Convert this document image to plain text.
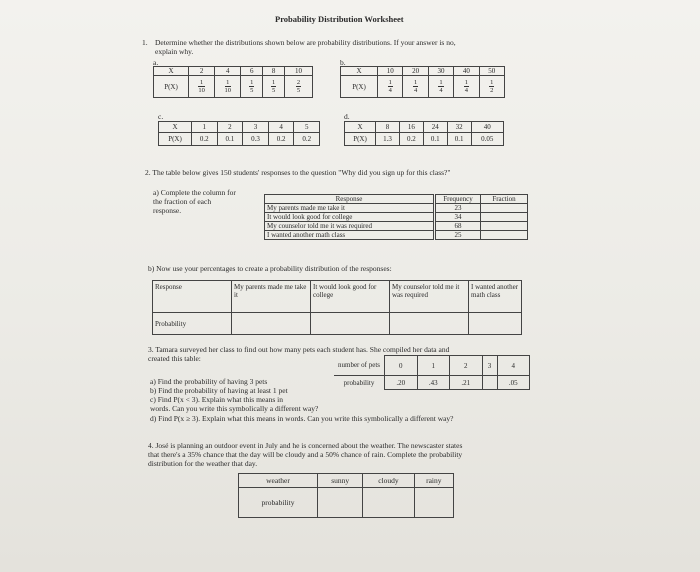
Probability Distribution Worksheet
1. Determine whether the distributions shown below are probability distributions. If your answer is no,
explain why.
a.
X	2	4	6	8	10
P(X)	$\frac{1}{10}$	$\frac{1}{10}$	$\frac{1}{5}$	$\frac{1}{5}$	$\frac{2}{5}$
b.
X	10	20	30	40	50
P(X)	$\frac{1}{4}$	$\frac{1}{4}$	$\frac{1}{4}$	$\frac{1}{4}$	$\frac{1}{2}$
c.
X	1	2	3	4	5
P(X)	0.2	0.1	0.3	0.2	0.2
d.
X	8	16	24	32	40
P(X)	1.3	0.2	0.1	0.1	0.05
2. The table below gives 150 students' responses to the question "Why did you sign up for this class?"
a) Complete the column for
the fraction of each
response.
Response	Frequency	Fraction
My parents made me take it	23	
It would look good for college	34	
My counselor told me it was required	68	
I wanted another math class	25	
b) Now use your percentages to create a probability distribution of the responses:
Response	My parents made me take it	It would look good for college	My counselor told me it was required	I wanted another math class
Probability				
3. Tamara surveyed her class to find out how many pets each student has. She compiled her data and
created this table:
number of pets	0	1	2	3	4
probability	.20	.43	.21		.05
a) Find the probability of having 3 pets
b) Find the probability of having at least 1 pet
c) Find P(x < 3). Explain what this means in
words. Can you write this symbolically a different way?
d) Find P(x ≥ 3). Explain what this means in words. Can you write this symbolically a different way?
4. José is planning an outdoor event in July and he is concerned about the weather. The newscaster states
that there's a 35% chance that the day will be cloudy and a 50% chance of rain. Complete the probability
distribution for the weather that day.
weather	sunny	cloudy	rainy
probability			
